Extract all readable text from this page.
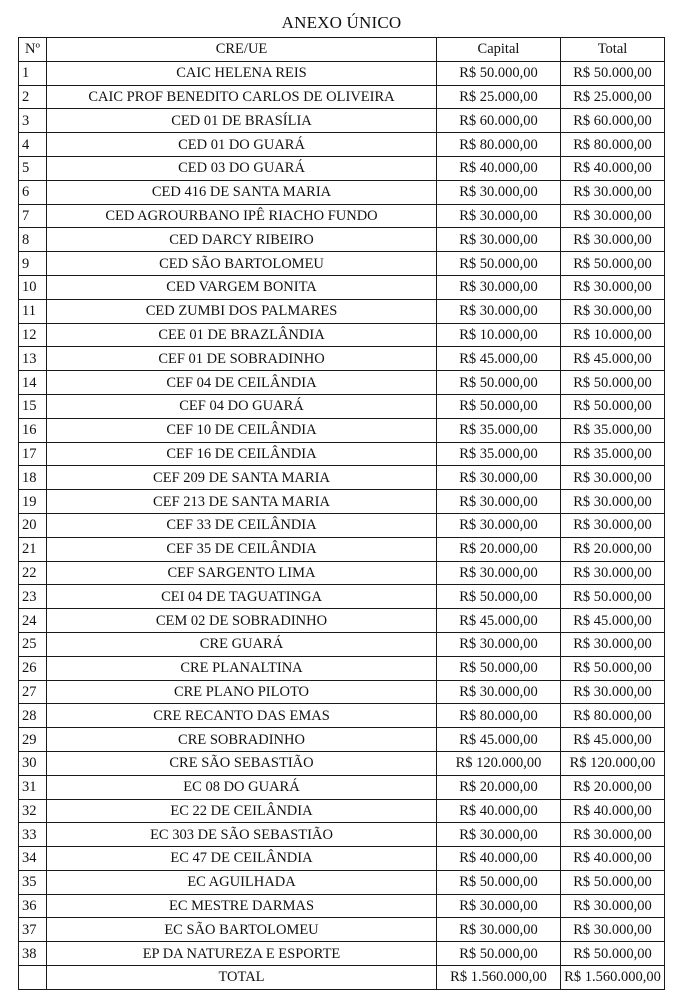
ANEXO ÚNICO
Nº	CRE/UE	Capital	Total
1	CAIC HELENA REIS	R$ 50.000,00	R$ 50.000,00
2	CAIC PROF BENEDITO CARLOS DE OLIVEIRA	R$ 25.000,00	R$ 25.000,00
3	CED 01 DE BRASÍLIA	R$ 60.000,00	R$ 60.000,00
4	CED 01 DO GUARÁ	R$ 80.000,00	R$ 80.000,00
5	CED 03 DO GUARÁ	R$ 40.000,00	R$ 40.000,00
6	CED 416 DE SANTA MARIA	R$ 30.000,00	R$ 30.000,00
7	CED AGROURBANO IPÊ RIACHO FUNDO	R$ 30.000,00	R$ 30.000,00
8	CED DARCY RIBEIRO	R$ 30.000,00	R$ 30.000,00
9	CED SÃO BARTOLOMEU	R$ 50.000,00	R$ 50.000,00
10	CED VARGEM BONITA	R$ 30.000,00	R$ 30.000,00
11	CED ZUMBI DOS PALMARES	R$ 30.000,00	R$ 30.000,00
12	CEE 01 DE BRAZLÂNDIA	R$ 10.000,00	R$ 10.000,00
13	CEF 01 DE SOBRADINHO	R$ 45.000,00	R$ 45.000,00
14	CEF 04 DE CEILÂNDIA	R$ 50.000,00	R$ 50.000,00
15	CEF 04 DO GUARÁ	R$ 50.000,00	R$ 50.000,00
16	CEF 10 DE CEILÂNDIA	R$ 35.000,00	R$ 35.000,00
17	CEF 16 DE CEILÂNDIA	R$ 35.000,00	R$ 35.000,00
18	CEF 209 DE SANTA MARIA	R$ 30.000,00	R$ 30.000,00
19	CEF 213 DE SANTA MARIA	R$ 30.000,00	R$ 30.000,00
20	CEF 33 DE CEILÂNDIA	R$ 30.000,00	R$ 30.000,00
21	CEF 35 DE CEILÂNDIA	R$ 20.000,00	R$ 20.000,00
22	CEF SARGENTO LIMA	R$ 30.000,00	R$ 30.000,00
23	CEI 04 DE TAGUATINGA	R$ 50.000,00	R$ 50.000,00
24	CEM 02 DE SOBRADINHO	R$ 45.000,00	R$ 45.000,00
25	CRE GUARÁ	R$ 30.000,00	R$ 30.000,00
26	CRE PLANALTINA	R$ 50.000,00	R$ 50.000,00
27	CRE PLANO PILOTO	R$ 30.000,00	R$ 30.000,00
28	CRE RECANTO DAS EMAS	R$ 80.000,00	R$ 80.000,00
29	CRE SOBRADINHO	R$ 45.000,00	R$ 45.000,00
30	CRE SÃO SEBASTIÃO	R$ 120.000,00	R$ 120.000,00
31	EC 08 DO GUARÁ	R$ 20.000,00	R$ 20.000,00
32	EC 22 DE CEILÂNDIA	R$ 40.000,00	R$ 40.000,00
33	EC 303 DE SÃO SEBASTIÃO	R$ 30.000,00	R$ 30.000,00
34	EC 47 DE CEILÂNDIA	R$ 40.000,00	R$ 40.000,00
35	EC AGUILHADA	R$ 50.000,00	R$ 50.000,00
36	EC MESTRE DARMAS	R$ 30.000,00	R$ 30.000,00
37	EC SÃO BARTOLOMEU	R$ 30.000,00	R$ 30.000,00
38	EP DA NATUREZA E ESPORTE	R$ 50.000,00	R$ 50.000,00
	TOTAL	R$ 1.560.000,00	R$ 1.560.000,00
